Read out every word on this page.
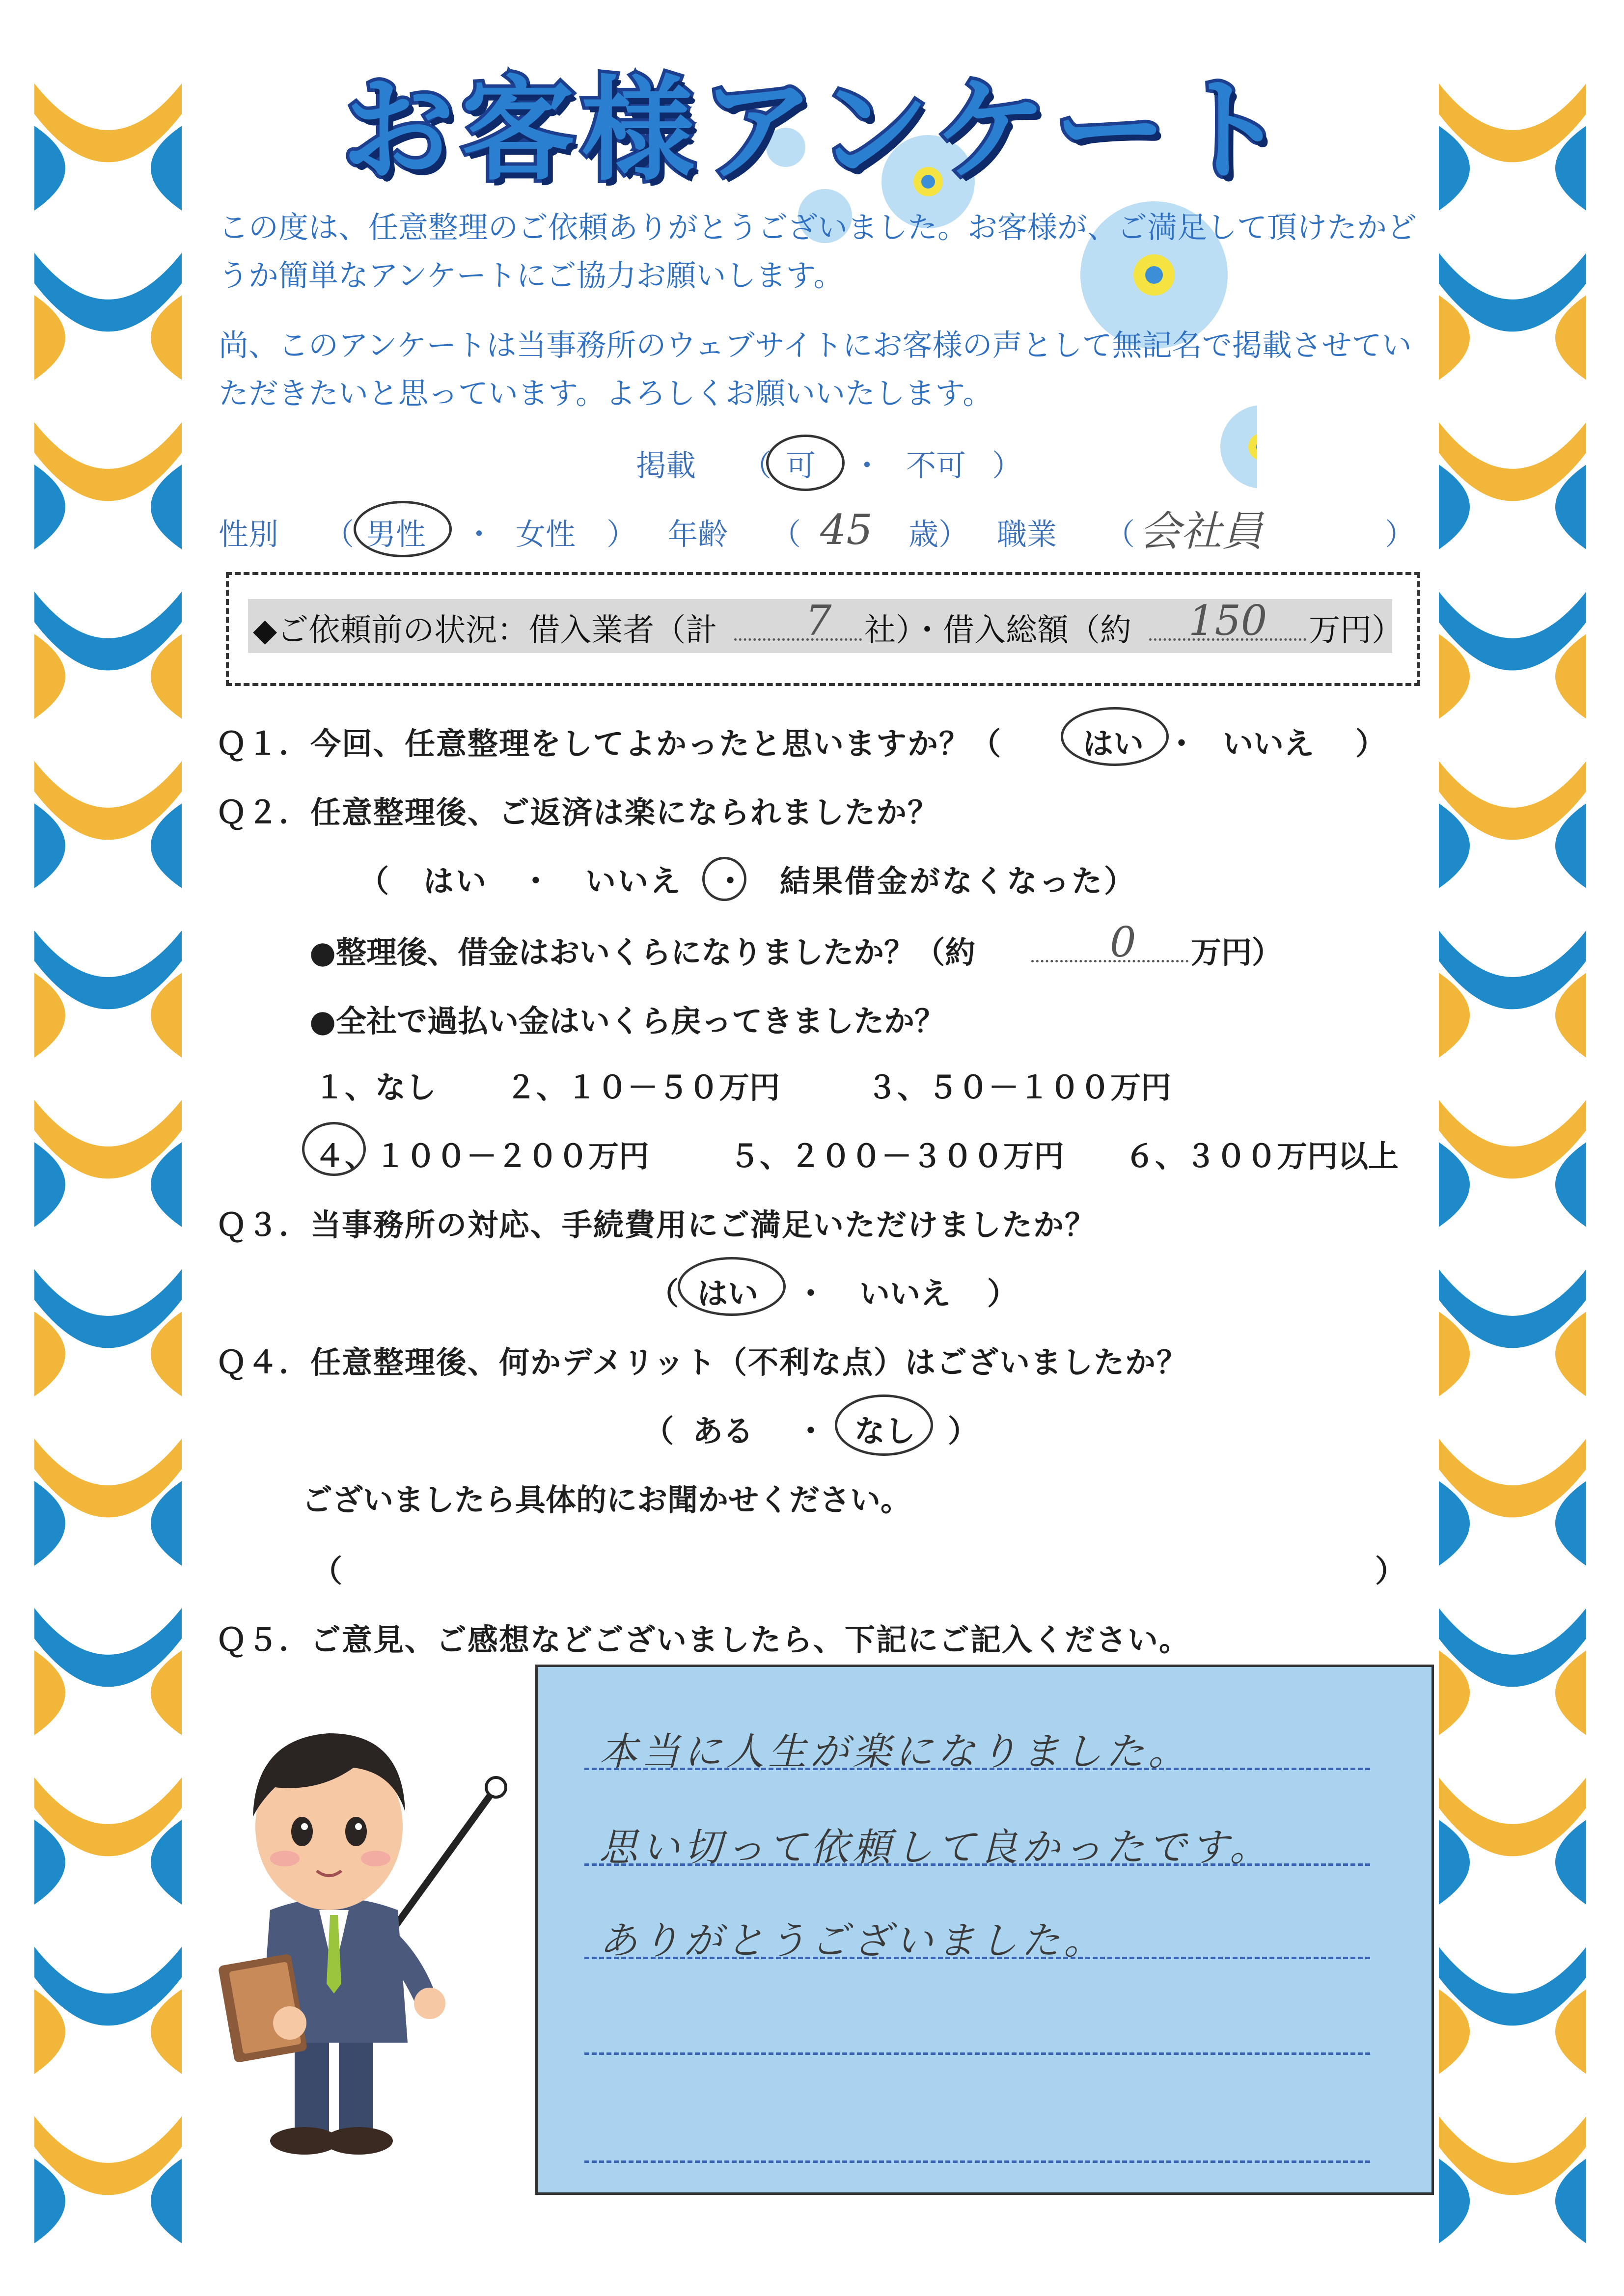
お客様アンケート
この度は、任意整理のご依頼ありがとうございました。お客様が、ご満足して頂けたかど
うか簡単なアンケートにご協力お願いします。
尚、このアンケートは当事務所のウェブサイトにお客様の声として無記名で掲載させてい
ただきたいと思っています。よろしくお願いいたします。
掲載 （ 可 ・ 不可 ）
性別 （ 男性 ・ 女性 ） 年齢 （ 45 歳） 職業 （ 会社員	）
◆ご依頼前の状況：借入業者（計 7 社）・借入総額（約 150 万円）
Ｑ１．今回、任意整理をしてよかったと思いますか？（	はい ・ いいえ ）
Ｑ２．任意整理後、ご返済は楽になられましたか？
（　はい　・　いいえ　・　結果借金がなくなった）
●整理後、借金はおいくらになりましたか？（約	0 万円）
●全社で過払い金はいくら戻ってきましたか？
１、なし ２、１０－５０万円	３、５０－１００万円
４、１００－２００万円	５、２００－３００万円 ６、３００万円以上
Ｑ３．当事務所の対応、手続費用にご満足いただけましたか？
（ はい ・ いいえ ）
Ｑ４．任意整理後、何かデメリット（不利な点）はございましたか？
（ ある ・ なし ）
ございましたら具体的にお聞かせください。
（	）
Ｑ５．ご意見、ご感想などございましたら、下記にご記入ください。
本当に人生が楽になりました。
思い切って依頼して良かったです。
ありがとうございました。
